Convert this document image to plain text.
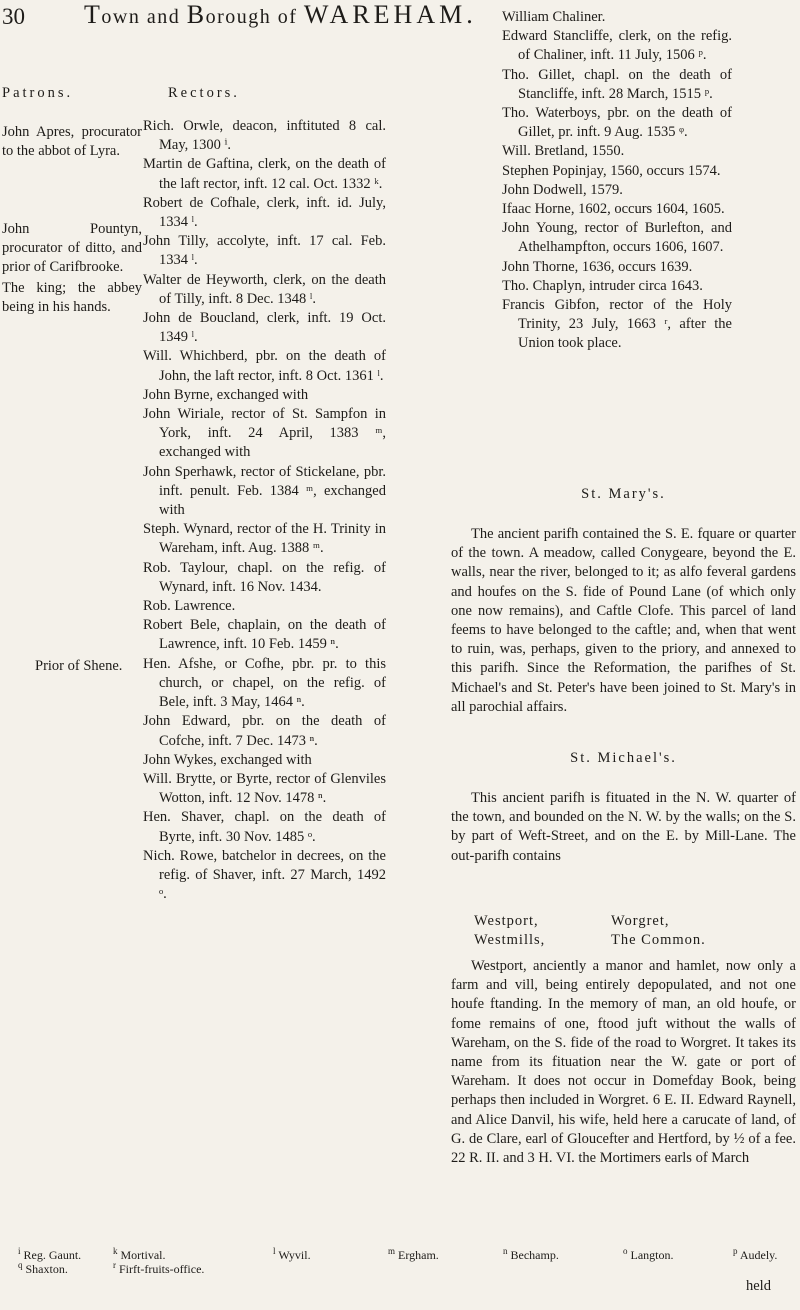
30 Town and Borough of WAREHAM.
Patrons.	Rectors.
John Apres, procurator to the abbot of Lyra.
John Pountyn, procurator of ditto, and prior of Carifbrooke.
The king; the abbey being in his hands.
Prior of Shene.
Rich. Orwle, deacon, inftituted 8 cal. May, 1300 ⁱ.
Martin de Gaftina, clerk, on the death of the laft rector, inft. 12 cal. Oct. 1332 ᵏ.
Robert de Cofhale, clerk, inft. id. July, 1334 ˡ.
John Tilly, accolyte, inft. 17 cal. Feb. 1334 ˡ.
Walter de Heyworth, clerk, on the death of Tilly, inft. 8 Dec. 1348 ˡ.
John de Boucland, clerk, inft. 19 Oct. 1349 ˡ.
Will. Whichberd, pbr. on the death of John, the laft rector, inft. 8 Oct. 1361 ˡ.
John Byrne, exchanged with
John Wiriale, rector of St. Sampfon in York, inft. 24 April, 1383 ᵐ, exchanged with
John Sperhawk, rector of Stickelane, pbr. inft. penult. Feb. 1384 ᵐ, exchanged with
Steph. Wynard, rector of the H. Trinity in Wareham, inft. Aug. 1388 ᵐ.
Rob. Taylour, chapl. on the refig. of Wynard, inft. 16 Nov. 1434.
Rob. Lawrence.
Robert Bele, chaplain, on the death of Lawrence, inft. 10 Feb. 1459 ⁿ.
Hen. Afshe, or Cofhe, pbr. pr. to this church, or chapel, on the refig. of Bele, inft. 3 May, 1464 ⁿ.
John Edward, pbr. on the death of Cofche, inft. 7 Dec. 1473 ⁿ.
John Wykes, exchanged with
Will. Brytte, or Byrte, rector of Glenviles Wotton, inft. 12 Nov. 1478 ⁿ.
Hen. Shaver, chapl. on the death of Byrte, inft. 30 Nov. 1485 ᵒ.
Nich. Rowe, batchelor in decrees, on the refig. of Shaver, inft. 27 March, 1492 ᵒ.
William Chaliner.
Edward Stancliffe, clerk, on the refig. of Chaliner, inft. 11 July, 1506 ᵖ.
Tho. Gillet, chapl. on the death of Stancliffe, inft. 28 March, 1515 ᵖ.
Tho. Waterboys, pbr. on the death of Gillet, pr. inft. 9 Aug. 1535 ᵠ.
Will. Bretland, 1550.
Stephen Popinjay, 1560, occurs 1574.
John Dodwell, 1579.
Ifaac Horne, 1602, occurs 1604, 1605.
John Young, rector of Burlefton, and Athelhampfton, occurs 1606, 1607.
John Thorne, 1636, occurs 1639.
Tho. Chaplyn, intruder circa 1643.
Francis Gibfon, rector of the Holy Trinity, 23 July, 1663 ʳ, after the Union took place.
St. Mary's.

The ancient parifh contained the S. E. fquare or quarter of the town. A meadow, called Conygeare, beyond the E. walls, near the river, belonged to it; as alfo feveral gardens and houfes on the S. fide of Pound Lane (of which only one now remains), and Caftle Clofe. This parcel of land feems to have belonged to the caftle; and, when that went to ruin, was, perhaps, given to the priory, and annexed to this parifh. Since the Reformation, the parifhes of St. Michael's and St. Peter's have been joined to St. Mary's in all parochial affairs.

St. Michael's.

This ancient parifh is fituated in the N. W. quarter of the town, and bounded on the N. W. by the walls; on the S. by part of Weft-Street, and on the E. by Mill-Lane. The out-parifh contains

Westport,	Worgret,
Westmills,	The Common.

Westport, anciently a manor and hamlet, now only a farm and vill, being entirely depopulated, and not one houfe ftanding. In the memory of man, an old houfe, or fome remains of one, ftood juft without the walls of Wareham, on the S. fide of the road to Worgret. It takes its name from its fituation near the W. gate or port of Wareham. It does not occur in Domefday Book, being perhaps then included in Worgret. 6 E. II. Edward Raynell, and Alice Danvil, his wife, held here a carucate of land, of G. de Clare, earl of Gloucefter and Hertford, by ½ of a fee. 22 R. II. and 3 H. VI. the Mortimers earls of March

$^i$ Reg. Gaunt.	$^k$ Mortival.	$^l$ Wyvil.	$^m$ Ergham.	$^n$ Bechamp.	$^o$ Langton.	$^p$ Audely.
$^q$ Shaxton.	$^r$ Firft-fruits-office.
held
